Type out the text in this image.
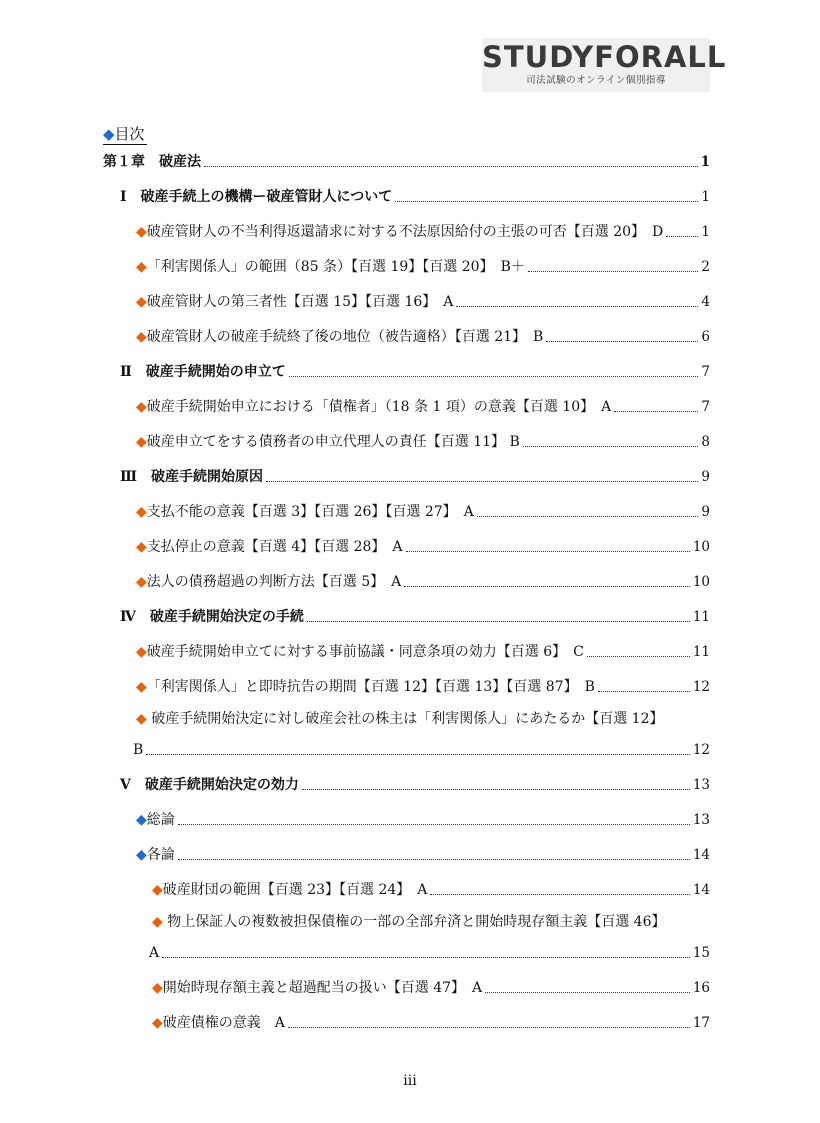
STUDYFORALL
司法試験のオンライン個別指導
◆目次
第１章　破産法	1
Ⅰ　破産手続上の機構ー破産管財人について	1
◆ 破産管財人の不当利得返還請求に対する不法原因給付の主張の可否【百選 20】　D	1
◆ 「利害関係人」の範囲（85 条）【百選 19】【百選 20】　B＋	2
◆ 破産管財人の第三者性【百選 15】【百選 16】　A	4
◆ 破産管財人の破産手続終了後の地位（被告適格）【百選 21】　B	6
Ⅱ　破産手続開始の申立て	7
◆ 破産手続開始申立における「債権者」（18 条 1 項）の意義【百選 10】　A	7
◆ 破産申立てをする債務者の申立代理人の責任【百選 11】 B	8
Ⅲ　破産手続開始原因	9
◆ 支払不能の意義【百選 3】【百選 26】【百選 27】　A	9
◆ 支払停止の意義【百選 4】【百選 28】　A	10
◆ 法人の債務超過の判断方法【百選 5】　A	10
Ⅳ　破産手続開始決定の手続	11
◆ 破産手続開始申立てに対する事前協議・同意条項の効力【百選 6】　C	11
◆ 「利害関係人」と即時抗告の期間【百選 12】【百選 13】【百選 87】　B	12
◆ 破産手続開始決定に対し破産会社の株主は「利害関係人」にあたるか【百選 12】
B	12
Ⅴ　破産手続開始決定の効力	13
◆ 総論	13
◆ 各論	14
◆ 破産財団の範囲【百選 23】【百選 24】　A	14
◆ 物上保証人の複数被担保債権の一部の全部弁済と開始時現存額主義【百選 46】
A	15
◆ 開始時現存額主義と超過配当の扱い【百選 47】　A	16
◆ 破産債権の意義　A	17
iii
